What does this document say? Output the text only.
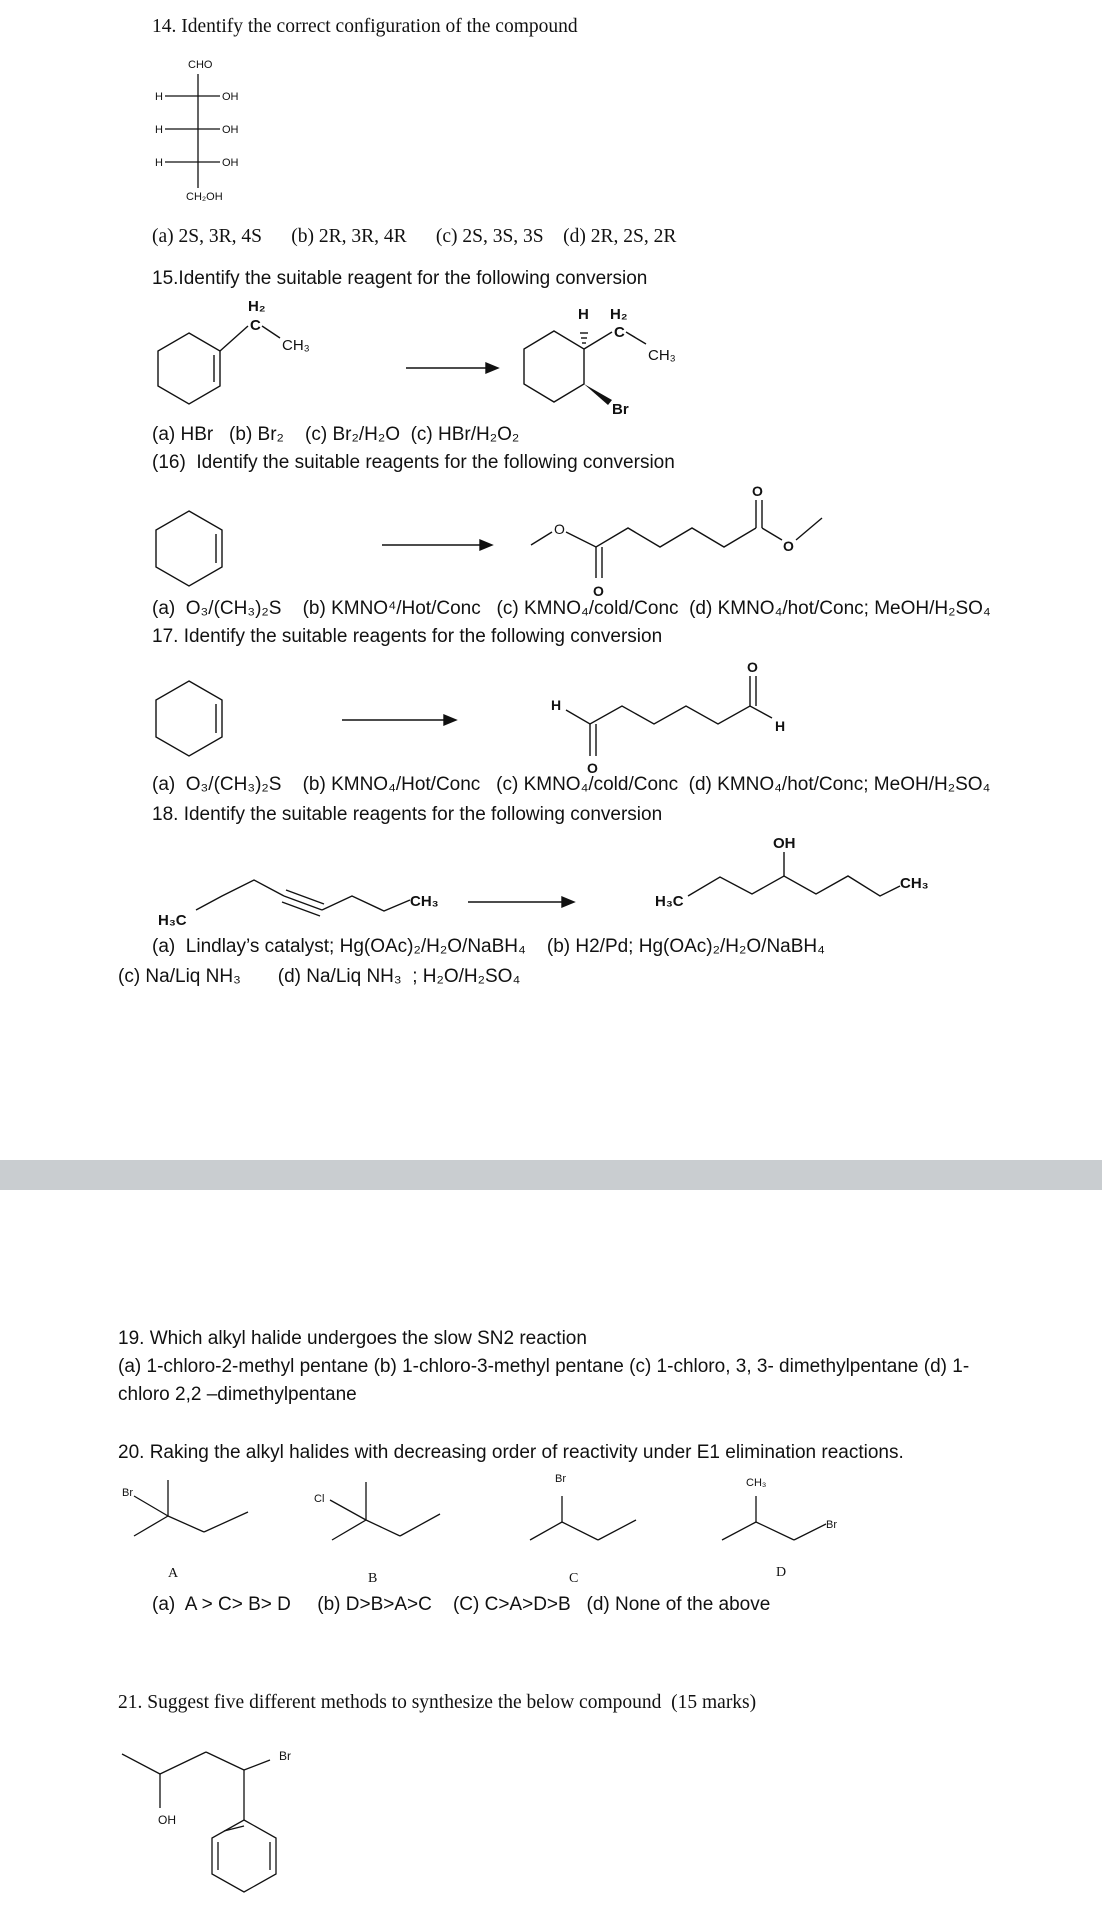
14. Identify the correct configuration of the compound
CHO
H	OH
H	OH
H	OH
CH₂OH
(a) 2S, 3R, 4S      (b) 2R, 3R, 4R      (c) 2S, 3S, 3S    (d) 2R, 2S, 2R
15.Identify the suitable reagent for the following conversion
H₂
C
CH₃
H H₂
C
CH₃
Br
(a) HBr   (b) Br₂    (c) Br₂/H₂O  (c) HBr/H₂O₂
(16)  Identify the suitable reagents for the following conversion
O
O
O
O
(a)  O₃/(CH₃)₂S    (b) KMNO⁴/Hot/Conc   (c) KMNO₄/cold/Conc  (d) KMNO₄/hot/Conc; MeOH/H₂SO₄
17. Identify the suitable reagents for the following conversion
H
O
O
H
(a)  O₃/(CH₃)₂S    (b) KMNO₄/Hot/Conc   (c) KMNO₄/cold/Conc  (d) KMNO₄/hot/Conc; MeOH/H₂SO₄
18. Identify the suitable reagents for the following conversion
H₃C
CH₃	H₃C
OH
CH₃
(a)  Lindlay’s catalyst; Hg(OAc)₂/H₂O/NaBH₄    (b) H2/Pd; Hg(OAc)₂/H₂O/NaBH₄
(c) Na/Liq NH₃       (d) Na/Liq NH₃  ; H₂O/H₂SO₄
19. Which alkyl halide undergoes the slow SN2 reaction
(a) 1-chloro-2-methyl pentane (b) 1-chloro-3-methyl pentane (c) 1-chloro, 3, 3- dimethylpentane (d) 1-
chloro 2,2 –dimethylpentane
20. Raking the alkyl halides with decreasing order of reactivity under E1 elimination reactions.
Br	Cl
Br	CH₃
Br
A	B	C	D
(a)  A > C> B> D     (b) D>B>A>C    (C) C>A>D>B   (d) None of the above
21. Suggest five different methods to synthesize the below compound  (15 marks)
Br
OH
